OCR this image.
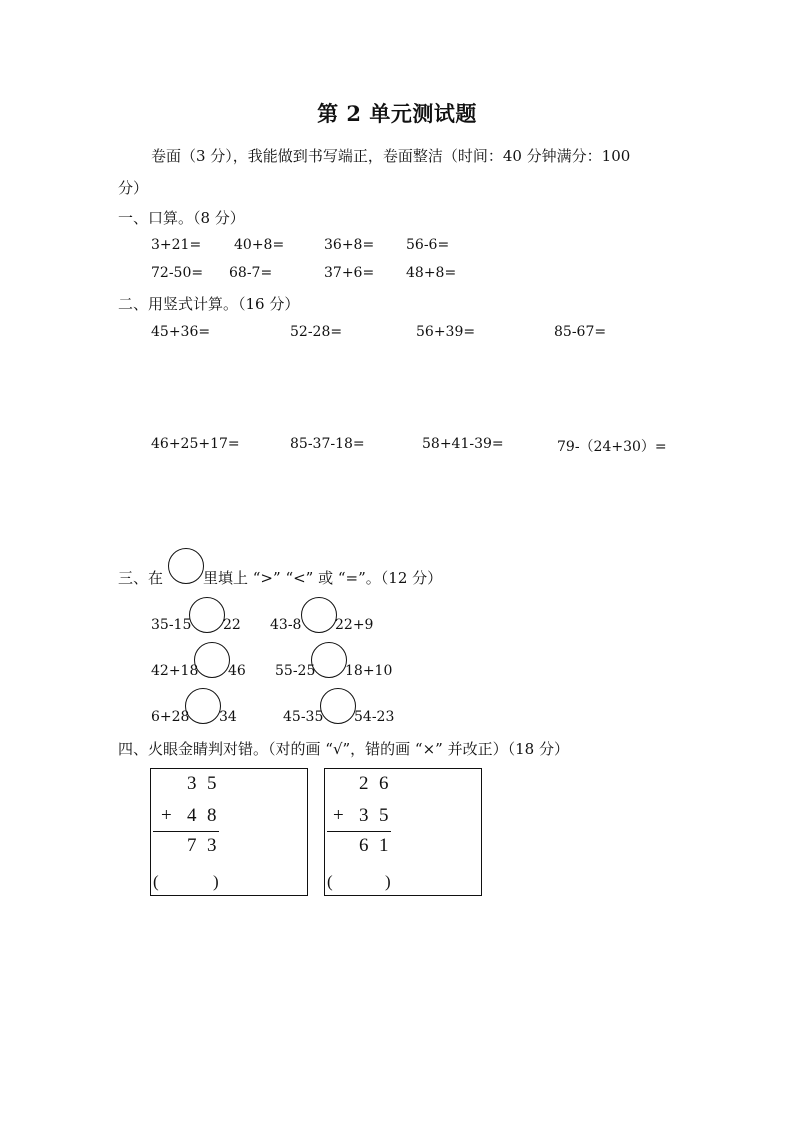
第 2 单元测试题
卷面（3 分），我能做到书写端正，卷面整洁（时间：40 分钟满分：100
分）
一、口算。（8 分）
3+21= 40+8=	36+8= 56-6=
72-50= 68-7=	37+6= 48+8=
二、用竖式计算。（16 分）
45+36=	52-28=	56+39=	85-67=
46+25+17=	85-37-18=	58+41-39=	79-（24+30）=
三、在	里填上 “>” “<” 或 “=”。（12 分）
35-15 22 43-8 22+9
42+18 46 55-25 18+10
6+28 34	45-35 54-23
四、火眼金睛判对错。（对的画 “√”，错的画 “×” 并改正）（18 分）
3 5
+ 4 8
7 3
(	)
2 6
+ 3 5
6 1
(	)
